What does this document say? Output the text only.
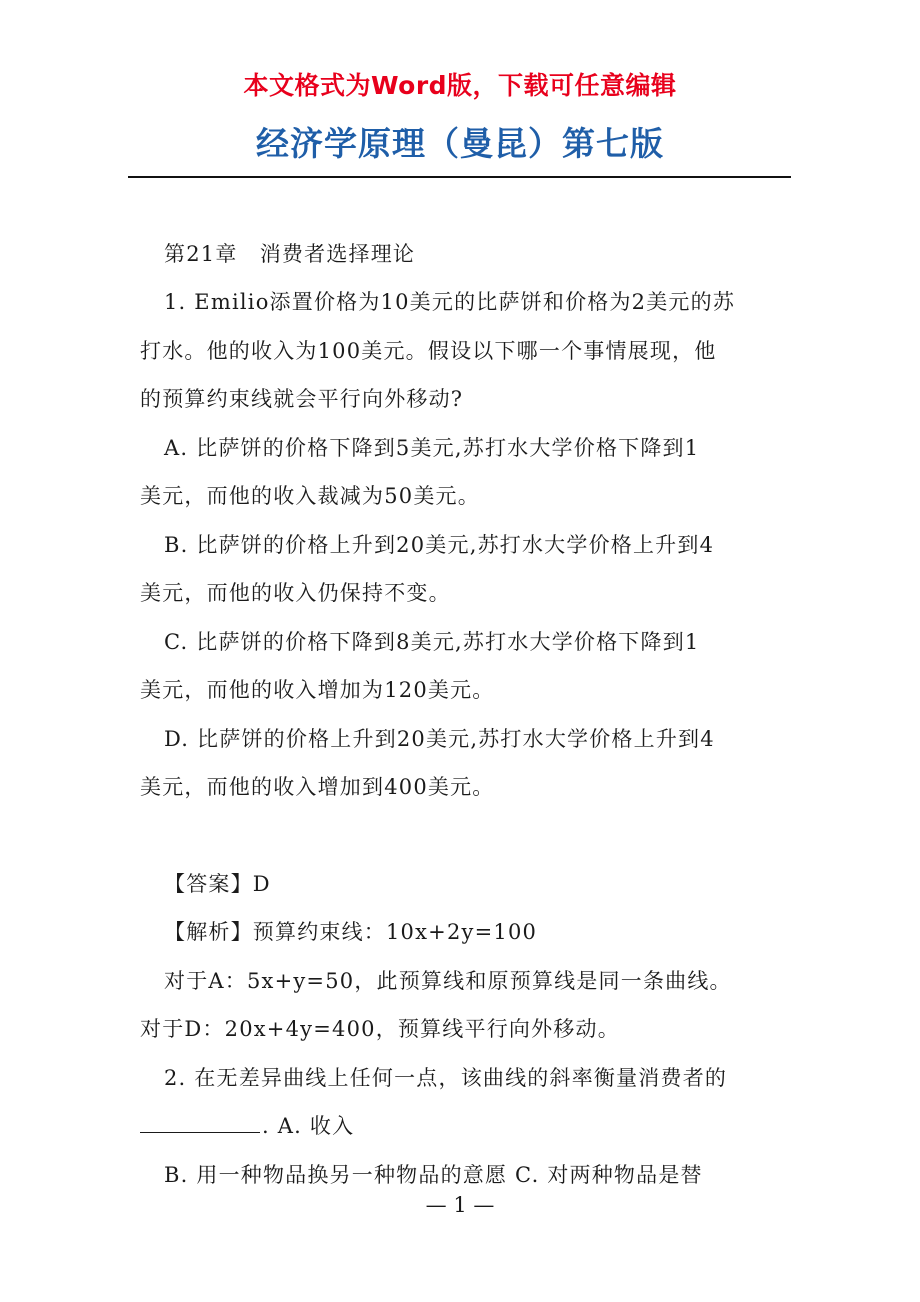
本文格式为Word版，下载可任意编辑
经济学原理（曼昆）第七版
第21章　消费者选择理论
1. Emilio添置价格为10美元的比萨饼和价格为2美元的苏
打水。他的收入为100美元。假设以下哪一个事情展现，他
的预算约束线就会平行向外移动?
A. 比萨饼的价格下降到5美元,苏打水大学价格下降到1
美元，而他的收入裁减为50美元。
B. 比萨饼的价格上升到20美元,苏打水大学价格上升到4
美元，而他的收入仍保持不变。
C. 比萨饼的价格下降到8美元,苏打水大学价格下降到1
美元，而他的收入增加为120美元。
D. 比萨饼的价格上升到20美元,苏打水大学价格上升到4
美元，而他的收入增加到400美元。
【答案】D
【解析】预算约束线：10x+2y=100
对于A：5x+y=50，此预算线和原预算线是同一条曲线。
对于D：20x+4y=400，预算线平行向外移动。
2. 在无差异曲线上任何一点，该曲线的斜率衡量消费者的
. A. 收入
B. 用一种物品换另一种物品的意愿 C. 对两种物品是替
— 1 —
